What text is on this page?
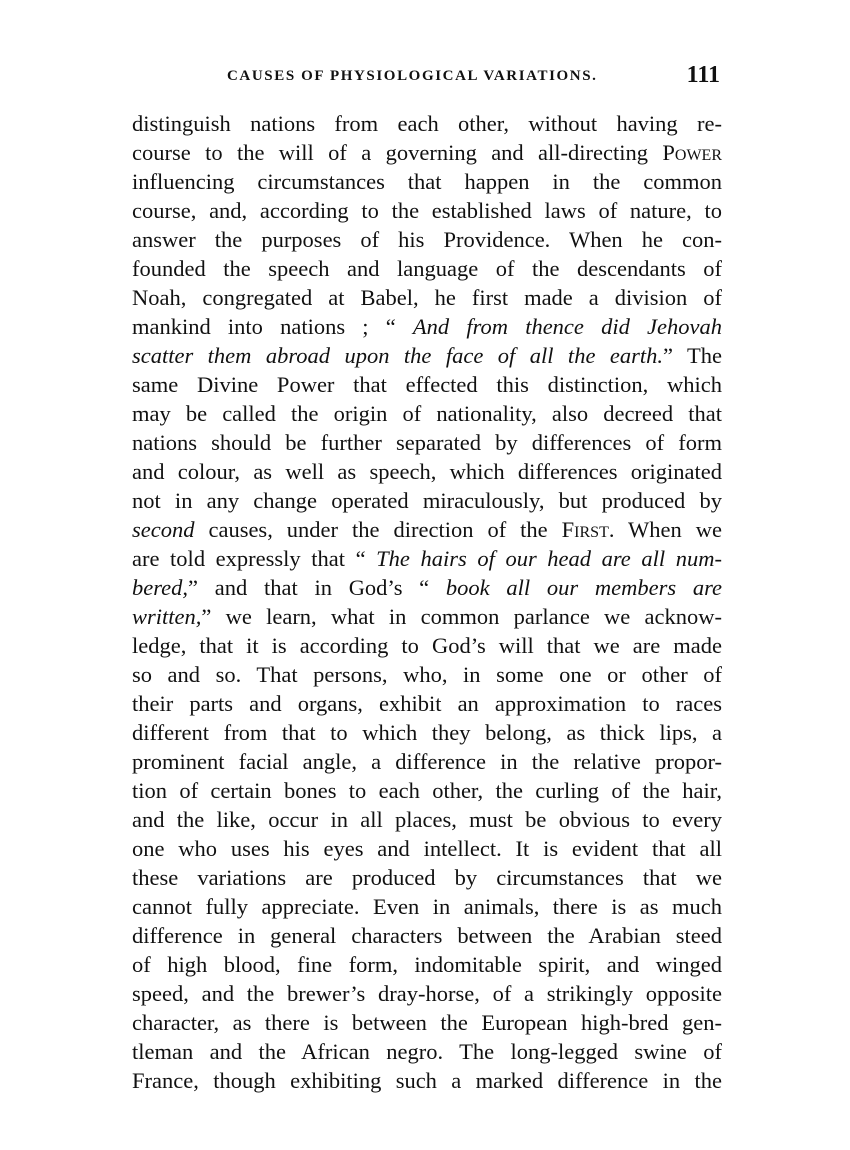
CAUSES OF PHYSIOLOGICAL VARIATIONS.	111
distinguish nations from each other, without having re-
course to the will of a governing and all-directing Power
influencing circumstances that happen in the common
course, and, according to the established laws of nature, to
answer the purposes of his Providence. When he con-
founded the speech and language of the descendants of
Noah, congregated at Babel, he first made a division of
mankind into nations ; “ And from thence did Jehovah
scatter them abroad upon the face of all the earth.” The
same Divine Power that effected this distinction, which
may be called the origin of nationality, also decreed that
nations should be further separated by differences of form
and colour, as well as speech, which differences originated
not in any change operated miraculously, but produced by
second causes, under the direction of the First. When we
are told expressly that “ The hairs of our head are all num-
bered,” and that in God’s “ book all our members are
written,” we learn, what in common parlance we acknow-
ledge, that it is according to God’s will that we are made
so and so. That persons, who, in some one or other of
their parts and organs, exhibit an approximation to races
different from that to which they belong, as thick lips, a
prominent facial angle, a difference in the relative propor-
tion of certain bones to each other, the curling of the hair,
and the like, occur in all places, must be obvious to every
one who uses his eyes and intellect. It is evident that all
these variations are produced by circumstances that we
cannot fully appreciate. Even in animals, there is as much
difference in general characters between the Arabian steed
of high blood, fine form, indomitable spirit, and winged
speed, and the brewer’s dray-horse, of a strikingly opposite
character, as there is between the European high-bred gen-
tleman and the African negro. The long-legged swine of
France, though exhibiting such a marked difference in the
